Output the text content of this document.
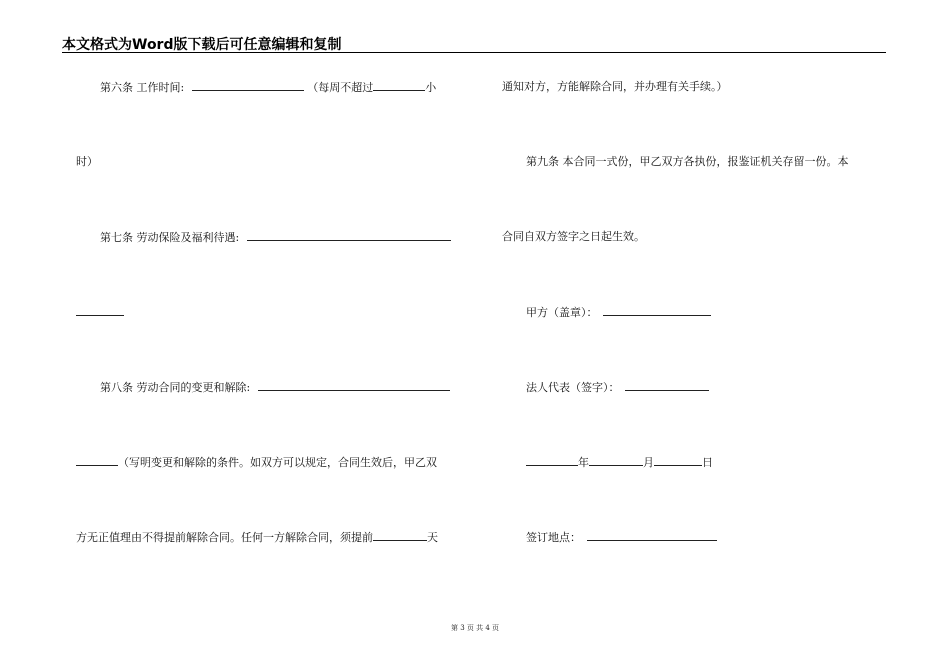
本文格式为Word版下载后可任意编辑和复制
第六条 工作时间:	（每周不超过	小
时）
第七条 劳动保险及福利待遇:
第八条 劳动合同的变更和解除:
（写明变更和解除的条件。如双方可以规定，合同生效后，甲乙双
方无正值理由不得提前解除合同。任何一方解除合同，须提前	天
通知对方，方能解除合同，并办理有关手续。）
第九条 本合同一式份，甲乙双方各执份，报鉴证机关存留一份。本
合同自双方签字之日起生效。
甲方（盖章）：
法人代表（签字）：
年	月	日
签订地点：
第 3 页 共 4 页
